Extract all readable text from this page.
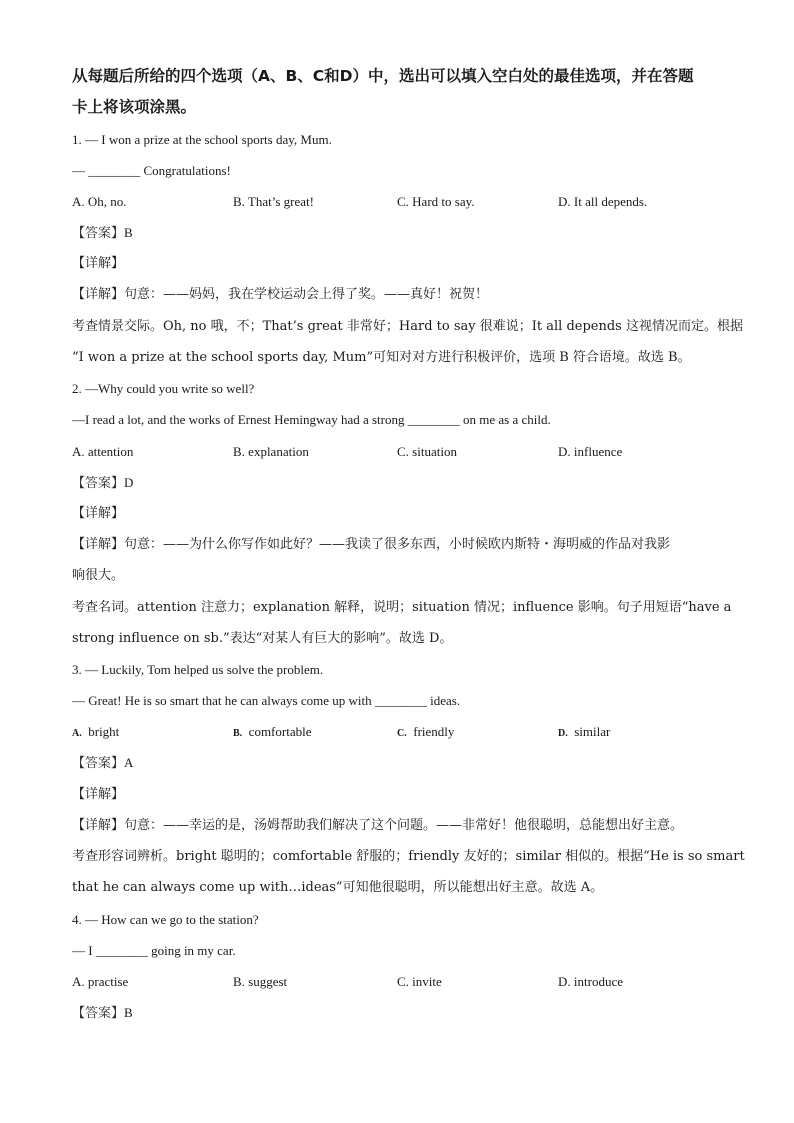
从每题后所给的四个选项（A、B、C和D）中，选出可以填入空白处的最佳选项，并在答题
卡上将该项涂黑。
1. — I won a prize at the school sports day, Mum.
— ________ Congratulations!
A. Oh, no.	B. That’s great!	C. Hard to say.	D. It all depends.
【答案】B
【详解】
【详解】句意：——妈妈，我在学校运动会上得了奖。——真好！祝贺！
考查情景交际。Oh, no 哦，不；That’s great 非常好；Hard to say 很难说；It all depends 这视情况而定。根据
“I won a prize at the school sports day, Mum”可知对对方进行积极评价，选项 B 符合语境。故选 B。
2. —Why could you write so well?
—I read a lot, and the works of Ernest Hemingway had a strong ________ on me as a child.
A. attention	B. explanation	C. situation	D. influence
【答案】D
【详解】
【详解】句意：——为什么你写作如此好？——我读了很多东西，小时候欧内斯特・海明威的作品对我影
响很大。
考查名词。attention 注意力；explanation 解释，说明；situation 情况；influence 影响。句子用短语“have a
strong influence on sb.”表达“对某人有巨大的影响”。故选 D。
3. — Luckily, Tom helped us solve the problem.
— Great! He is so smart that he can always come up with ________ ideas.
A. bright	B. comfortable	C. friendly	D. similar
【答案】A
【详解】
【详解】句意：——幸运的是，汤姆帮助我们解决了这个问题。——非常好！他很聪明，总能想出好主意。
考查形容词辨析。bright 聪明的；comfortable 舒服的；friendly 友好的；similar 相似的。根据“He is so smart
that he can always come up with…ideas”可知他很聪明，所以能想出好主意。故选 A。
4. — How can we go to the station?
— I ________ going in my car.
A. practise	B. suggest	C. invite	D. introduce
【答案】B
